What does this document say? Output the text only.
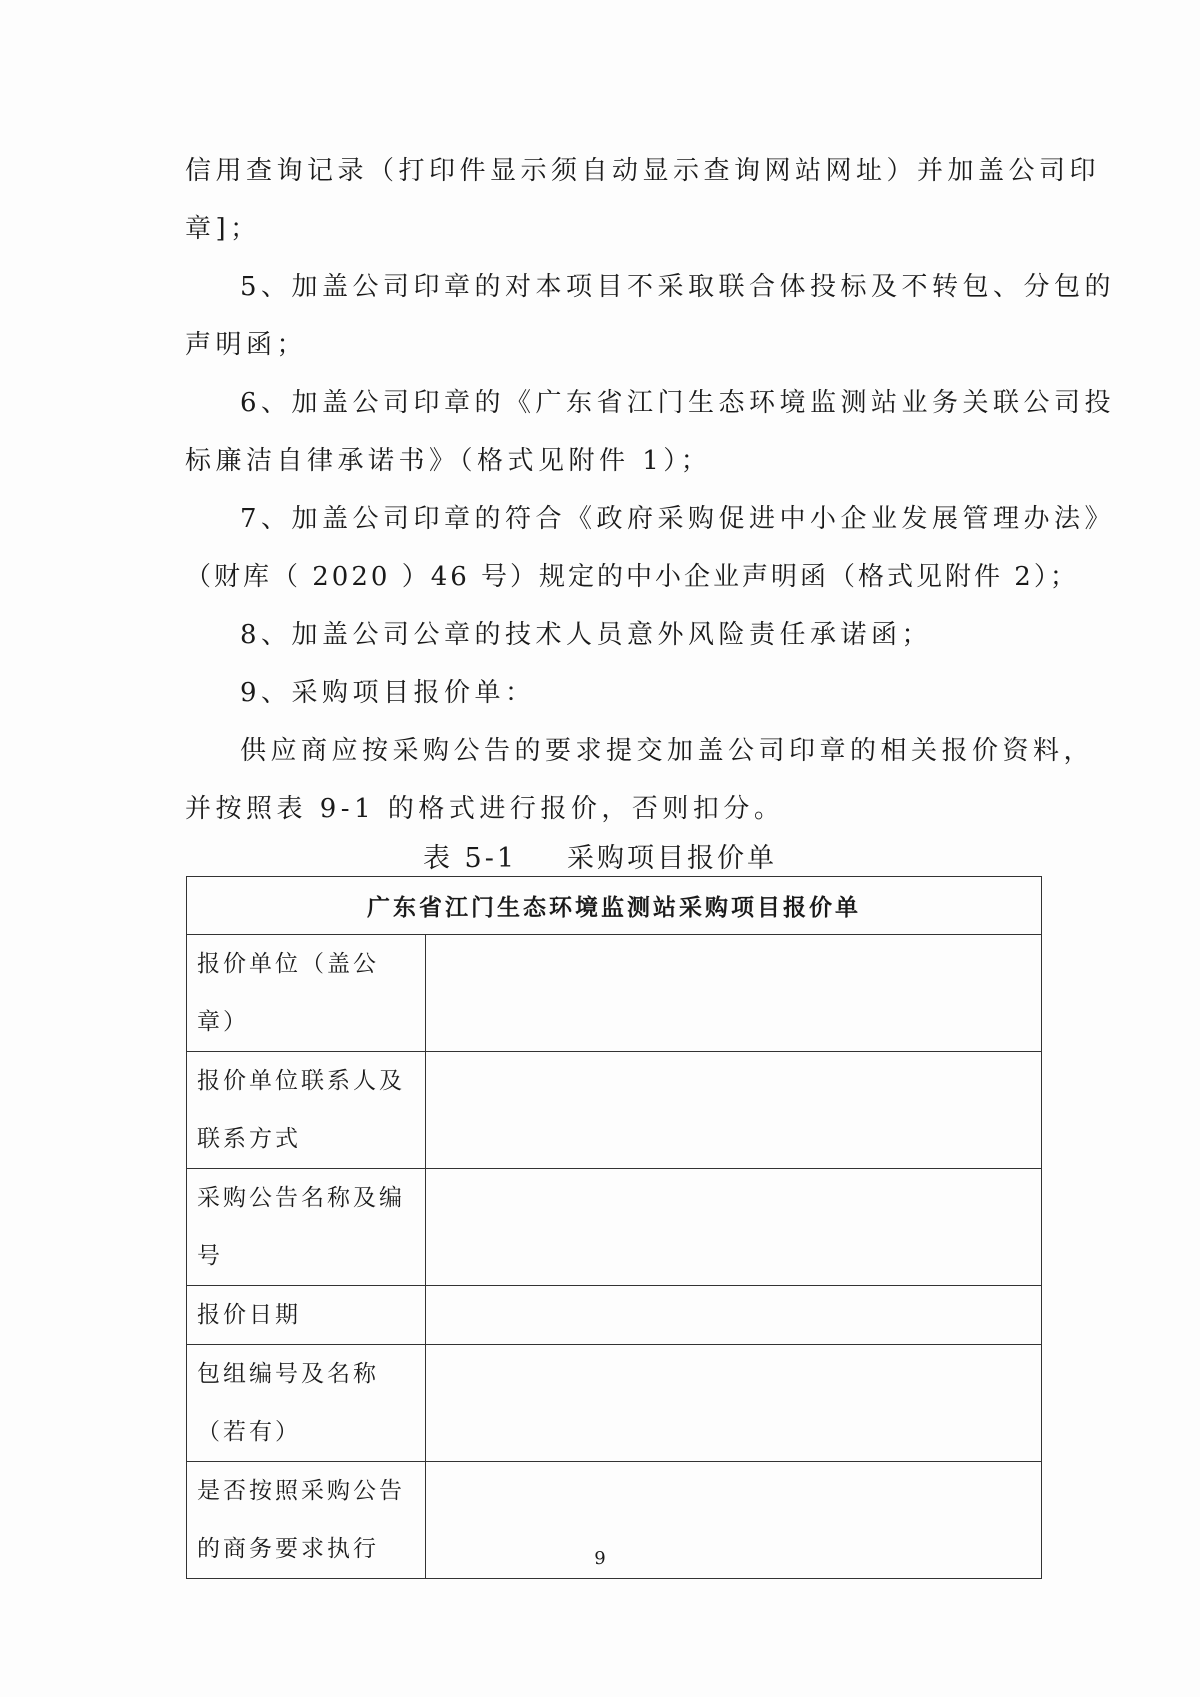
信用查询记录（打印件显示须自动显示查询网站网址）并加盖公司印
章]；
5、加盖公司印章的对本项目不采取联合体投标及不转包、分包的
声明函；
6、加盖公司印章的《广东省江门生态环境监测站业务关联公司投
标廉洁自律承诺书》（格式见附件 1）；
7、加盖公司印章的符合《政府采购促进中小企业发展管理办法》
（财库（ 2020 ）46 号）规定的中小企业声明函（格式见附件 2）；
8、加盖公司公章的技术人员意外风险责任承诺函；
9、采购项目报价单：
供应商应按采购公告的要求提交加盖公司印章的相关报价资料，
并按照表 9-1 的格式进行报价，否则扣分。
表 5-1 采购项目报价单
广东省江门生态环境监测站采购项目报价单	
报价单位（盖公章）	
报价单位联系人及联系方式	
采购公告名称及编号	
报价日期	
包组编号及名称（若有）	
是否按照采购公告的商务要求执行		9
